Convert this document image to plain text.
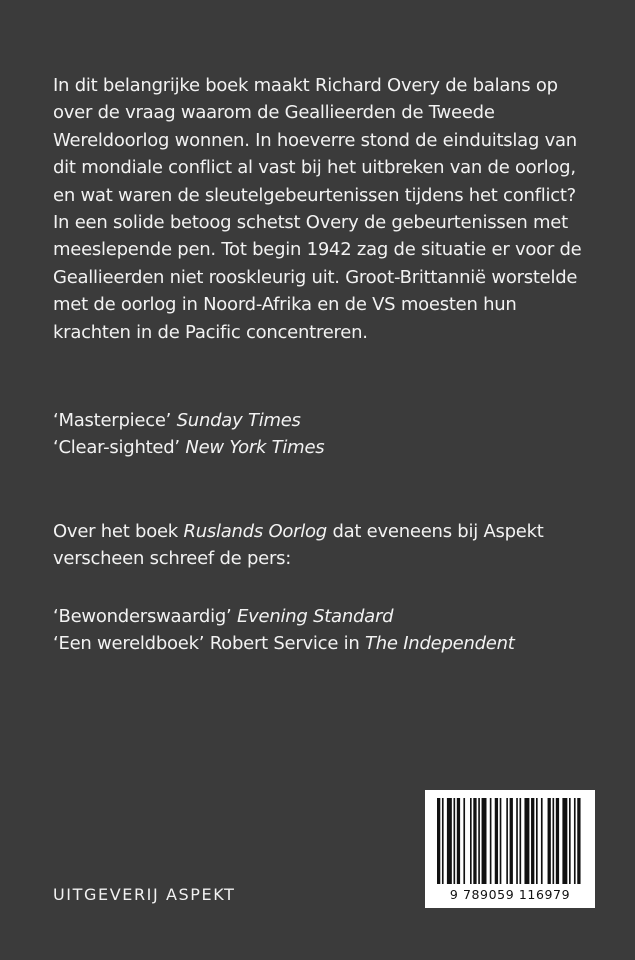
In dit belangrijke boek maakt Richard Overy de balans op over de vraag waarom de Geallieerden de Tweede Wereldoorlog wonnen. In hoeverre stond de einduitslag van dit mondiale conflict al vast bij het uitbreken van de oorlog, en wat waren de sleutelgebeurtenissen tijdens het conflict? In een solide betoog schetst Overy de gebeurtenissen met meeslepende pen. Tot begin 1942 zag de situatie er voor de Geallieerden niet rooskleurig uit. Groot-Brittannië worstelde met de oorlog in Noord-Afrika en de VS moesten hun krachten in de Pacific concentreren.

‘Masterpiece’ Sunday Times
‘Clear-sighted’ New York Times

Over het boek Ruslands Oorlog dat eveneens bij Aspekt verscheen schreef de pers:

‘Bewonderswaardig’ Evening Standard
‘Een wereldboek’ Robert Service in The Independent
UITGEVERIJ ASPEKT	9 789059 116979
